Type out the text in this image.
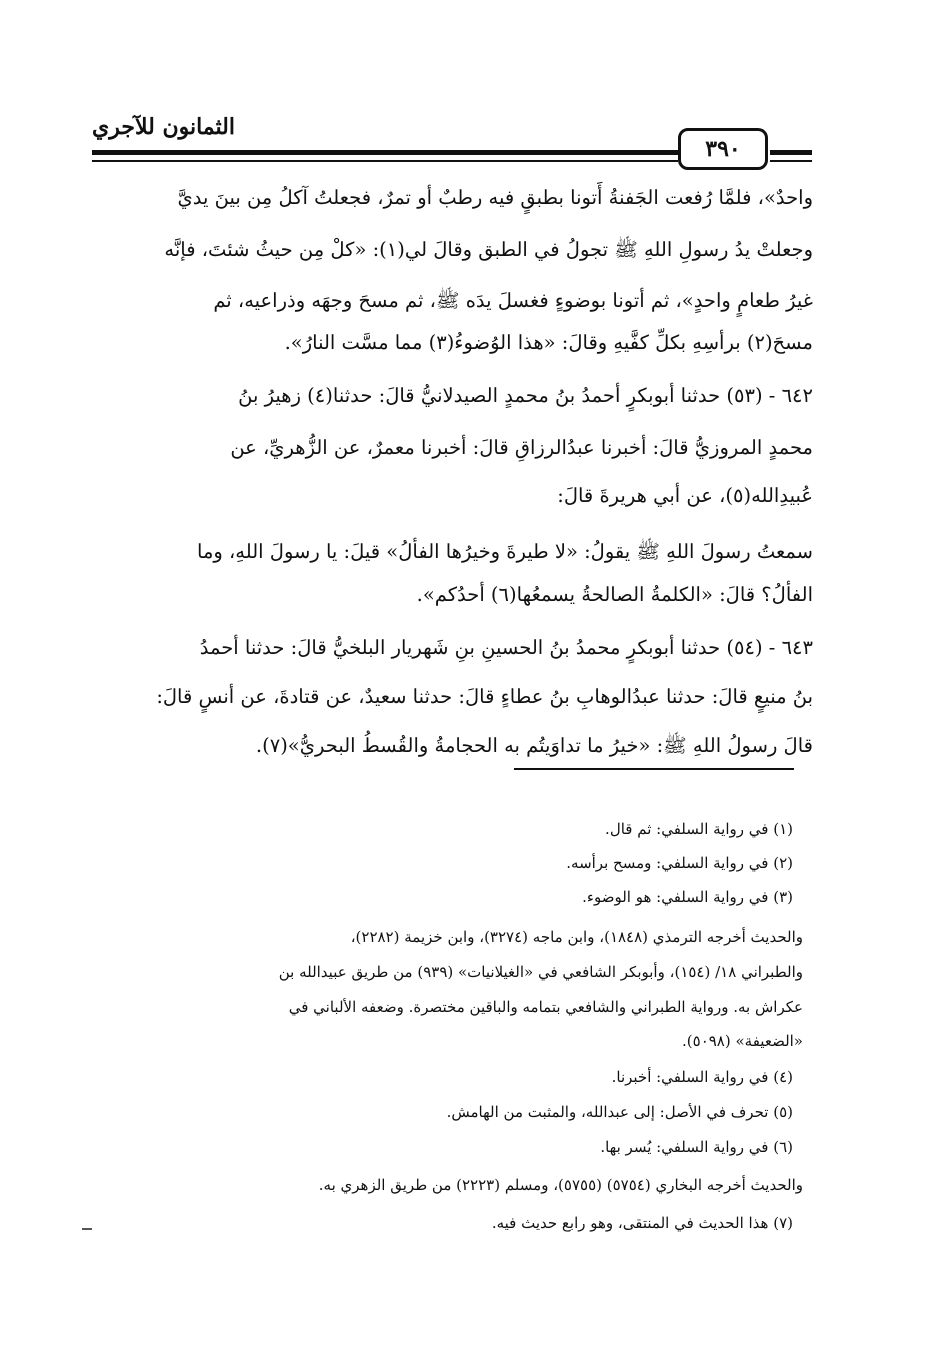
الثمانون للآجري
٣٩٠
واحدٌ»، فلمَّا رُفعت الجَفنةُ أَتونا بطبقٍ فيه رطبٌ أو تمرٌ، فجعلتُ آكلُ مِن بينَ يديَّ
وجعلتْ يدُ رسولِ اللهِ ﷺ تجولُ في الطبق وقالَ لي(١): «كلْ مِن حيثُ شئتَ، فإنَّه
غيرُ طعامٍ واحدٍ»، ثم أتونا بوضوءٍ فغسلَ يدَه ﷺ، ثم مسحَ وجهَه وذراعيه، ثم
مسحَ(٢) برأسِهِ بكلِّ كفَّيهِ وقالَ: «هذا الوُضوءُ(٣) مما مسَّت النارُ».
٦٤٢ - (٥٣) حدثنا أبوبكرٍ أحمدُ بنُ محمدٍ الصيدلانيُّ قالَ: حدثنا(٤) زهيرُ بنُ
محمدٍ المروزيُّ قالَ: أخبرنا عبدُالرزاقِ قالَ: أخبرنا معمرٌ، عن الزُّهريِّ، عن
عُبيدِالله(٥)، عن أبي هريرةَ قالَ:
سمعتُ رسولَ اللهِ ﷺ يقولُ: «لا طيرةَ وخيرُها الفألُ» قيلَ: يا رسولَ اللهِ، وما
الفألُ؟ قالَ: «الكلمةُ الصالحةُ يسمعُها(٦) أحدُكم».
٦٤٣ - (٥٤) حدثنا أبوبكرٍ محمدُ بنُ الحسينِ بنِ شَهريار البلخيُّ قالَ: حدثنا أحمدُ
بنُ منيعٍ قالَ: حدثنا عبدُالوهابِ بنُ عطاءٍ قالَ: حدثنا سعيدٌ، عن قتادةَ، عن أنسٍ قالَ:
قالَ رسولُ اللهِ ﷺ: «خيرُ ما تداوَيتُم به الحجامةُ والقُسطُ البحريُّ»(٧).
(١) في رواية السلفي: ثم قال.
(٢) في رواية السلفي: ومسح برأسه.
(٣) في رواية السلفي: هو الوضوء.
والحديث أخرجه الترمذي (١٨٤٨)، وابن ماجه (٣٢٧٤)، وابن خزيمة (٢٢٨٢)،
والطبراني ١٨/ (١٥٤)، وأبوبكر الشافعي في «الغيلانيات» (٩٣٩) من طريق عبيدالله بن
عكراش به. ورواية الطبراني والشافعي بتمامه والباقين مختصرة. وضعفه الألباني في
«الضعيفة» (٥٠٩٨).
(٤) في رواية السلفي: أخبرنا.
(٥) تحرف في الأصل: إلى عبدالله، والمثبت من الهامش.
(٦) في رواية السلفي: يُسر بها.
والحديث أخرجه البخاري (٥٧٥٤) (٥٧٥٥)، ومسلم (٢٢٢٣) من طريق الزهري به.
(٧) هذا الحديث في المنتقى، وهو رابع حديث فيه.
